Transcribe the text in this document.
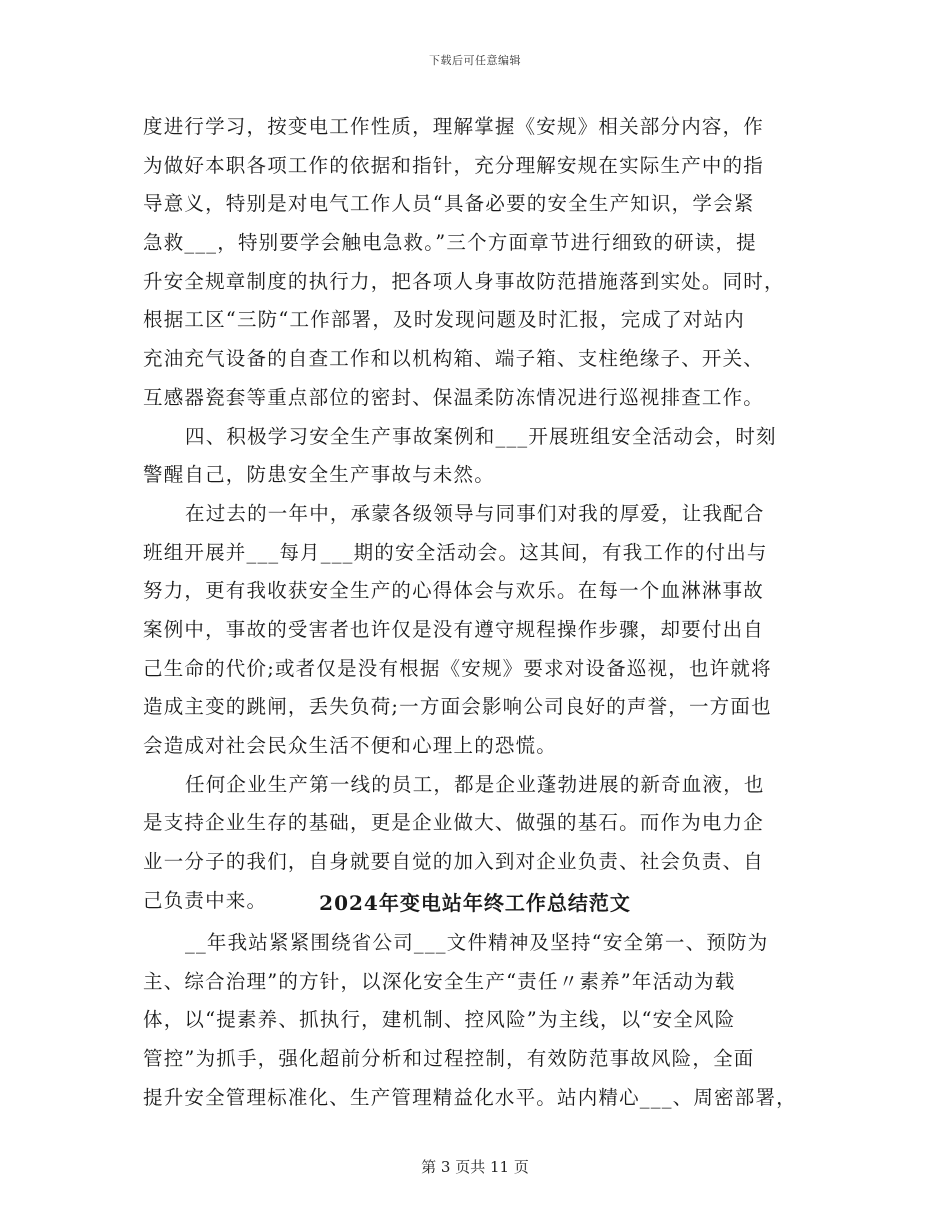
下载后可任意编辑
度进行学习，按变电工作性质，理解掌握《安规》相关部分内容，作
为做好本职各项工作的依据和指针，充分理解安规在实际生产中的指
导意义，特别是对电气工作人员“具备必要的安全生产知识，学会紧
急救___，特别要学会触电急救。”三个方面章节进行细致的研读，提
升安全规章制度的执行力，把各项人身事故防范措施落到实处。同时，
根据工区“三防“工作部署，及时发现问题及时汇报，完成了对站内
充油充气设备的自查工作和以机构箱、端子箱、支柱绝缘子、开关、
互感器瓷套等重点部位的密封、保温柔防冻情况进行巡视排查工作。
四、积极学习安全生产事故案例和___开展班组安全活动会，时刻
警醒自己，防患安全生产事故与未然。
在过去的一年中，承蒙各级领导与同事们对我的厚爱，让我配合
班组开展并___每月___期的安全活动会。这其间，有我工作的付出与
努力，更有我收获安全生产的心得体会与欢乐。在每一个血淋淋事故
案例中，事故的受害者也许仅是没有遵守规程操作步骤，却要付出自
己生命的代价;或者仅是没有根据《安规》要求对设备巡视，也许就将
造成主变的跳闸，丢失负荷;一方面会影响公司良好的声誉，一方面也
会造成对社会民众生活不便和心理上的恐慌。
任何企业生产第一线的员工，都是企业蓬勃进展的新奇血液，也
是支持企业生存的基础，更是企业做大、做强的基石。而作为电力企
业一分子的我们，自身就要自觉的加入到对企业负责、社会负责、自
己负责中来。	2024年变电站年终工作总结范文
__年我站紧紧围绕省公司___文件精神及坚持“安全第一、预防为
主、综合治理”的方针，以深化安全生产“责任〃素养”年活动为载
体，以“提素养、抓执行，建机制、控风险”为主线，以“安全风险
管控”为抓手，强化超前分析和过程控制，有效防范事故风险，全面
提升安全管理标准化、生产管理精益化水平。站内精心___、周密部署，
第 3 页共 11 页
